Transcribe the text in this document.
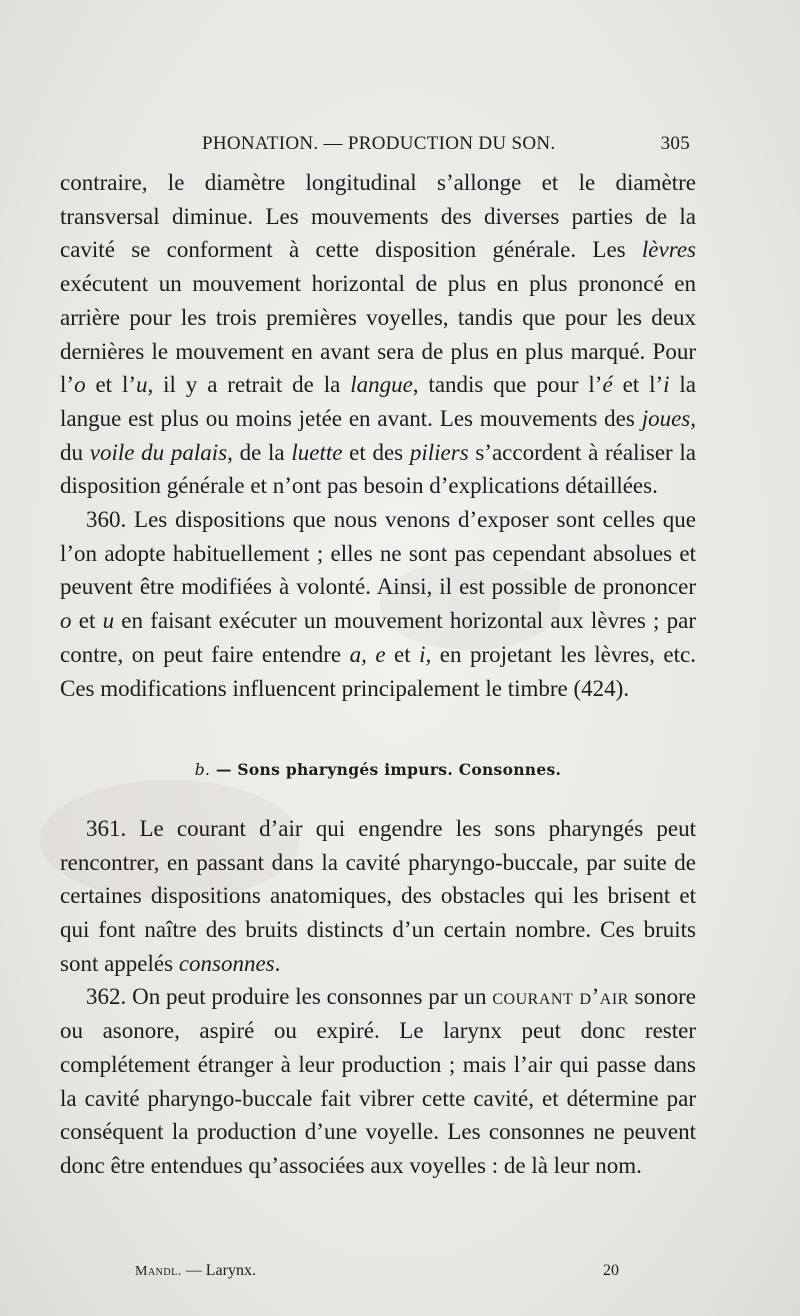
PHONATION. — PRODUCTION DU SON.	305

contraire, le diamètre longitudinal s’allonge et le diamètre transversal diminue. Les mouvements des diverses parties de la cavité se conforment à cette disposition générale. Les lèvres exécutent un mouvement horizontal de plus en plus prononcé en arrière pour les trois premières voyelles, tandis que pour les deux dernières le mouvement en avant sera de plus en plus marqué. Pour l’o et l’u, il y a retrait de la langue, tandis que pour l’é et l’i la langue est plus ou moins jetée en avant. Les mouvements des joues, du voile du palais, de la luette et des piliers s’accordent à réaliser la disposition générale et n’ont pas besoin d’explications détaillées.

360. Les dispositions que nous venons d’exposer sont celles que l’on adopte habituellement ; elles ne sont pas cependant absolues et peuvent être modifiées à volonté. Ainsi, il est possible de prononcer o et u en faisant exécuter un mouvement horizontal aux lèvres ; par contre, on peut faire entendre a, e et i, en projetant les lèvres, etc. Ces modifications influencent principalement le timbre (424).

b. — Sons pharyngés impurs. Consonnes.

361. Le courant d’air qui engendre les sons pharyngés peut rencontrer, en passant dans la cavité pharyngo-buccale, par suite de certaines dispositions anatomiques, des obstacles qui les brisent et qui font naître des bruits distincts d’un certain nombre. Ces bruits sont appelés consonnes.

362. On peut produire les consonnes par un courant d’air sonore ou asonore, aspiré ou expiré. Le larynx peut donc rester complétement étranger à leur production ; mais l’air qui passe dans la cavité pharyngo-buccale fait vibrer cette cavité, et détermine par conséquent la production d’une voyelle. Les consonnes ne peuvent donc être entendues qu’associées aux voyelles : de là leur nom.

Mandl. — Larynx.	20
